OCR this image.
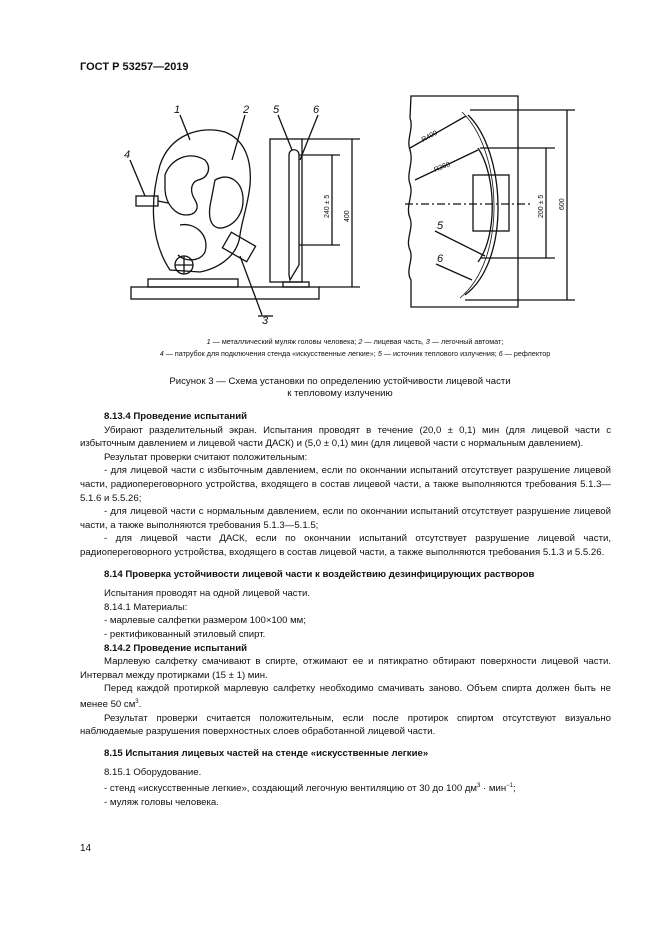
ГОСТ Р 53257—2019
1	2
4
5	6
3
5
6
240 ± 5 400
R400
R368
200 ± 5 600
1 — металлический муляж головы человека; 2 — лицевая часть, 3 — легочный автомат;
4 — патрубок для подключения стенда «искусственные легкие»; 5 — источник теплового излучения; 6 — рефлектор
Рисунок 3 — Схема установки по определению устойчивости лицевой части
к тепловому излучению

8.13.4 Проведение испытаний

Убирают разделительный экран. Испытания проводят в течение (20,0 ± 0,1) мин (для лицевой части с избыточным давлением и лицевой части ДАСК) и (5,0 ± 0,1) мин (для лицевой части с нормальным давлением).

Результат проверки считают положительным:

- для лицевой части с избыточным давлением, если по окончании испытаний отсутствует разрушение лицевой части, радиопереговорного устройства, входящего в состав лицевой части, а также выполняются требования 5.1.3—5.1.6 и 5.5.26;

- для лицевой части с нормальным давлением, если по окончании испытаний отсутствует разрушение лицевой части, а также выполняются требования 5.1.3—5.1.5;

- для лицевой части ДАСК, если по окончании испытаний отсутствует разрушение лицевой части, радиопереговорного устройства, входящего в состав лицевой части, а также выполняются требования 5.1.3 и 5.5.26.

8.14 Проверка устойчивости лицевой части к воздействию дезинфицирующих растворов

Испытания проводят на одной лицевой части.

8.14.1 Материалы:

- марлевые салфетки размером 100×100 мм;

- ректификованный этиловый спирт.

8.14.2 Проведение испытаний

Марлевую салфетку смачивают в спирте, отжимают ее и пятикратно обтирают поверхности лицевой части. Интервал между протирками (15 ± 1) мин.

Перед каждой протиркой марлевую салфетку необходимо смачивать заново. Объем спирта должен быть не менее 50 $см^3$.

Результат проверки считается положительным, если после протирок спиртом отсутствуют визуально наблюдаемые разрушения поверхностных слоев обработанной лицевой части.

8.15 Испытания лицевых частей на стенде «искусственные легкие»

8.15.1 Оборудование.

- стенд «искусственные легкие», создающий легочную вентиляцию от 30 до 100 $дм^3 \cdot мин^{-1}$;

- муляж головы человека.

14
